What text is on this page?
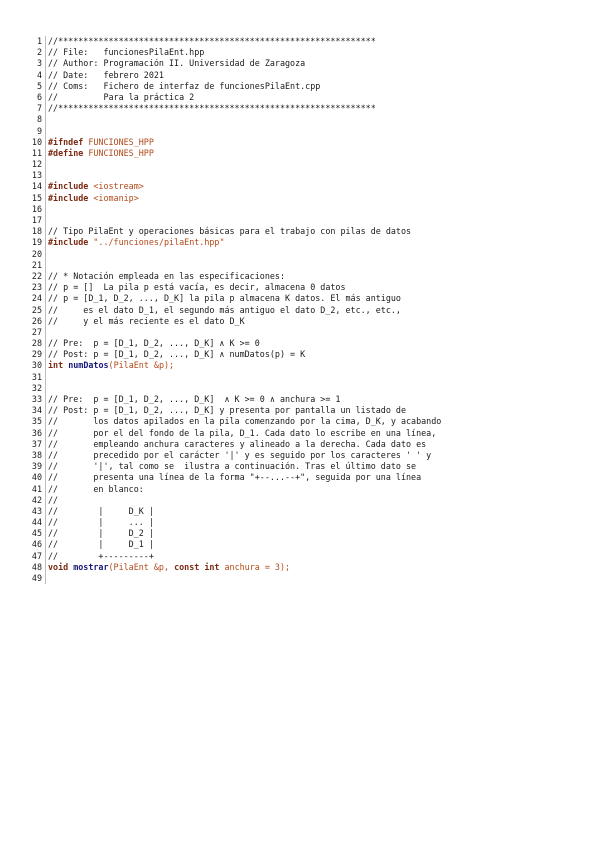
1 //***************************************************************
2 // File:   funcionesPilaEnt.hpp
3 // Author: Programación II. Universidad de Zaragoza
4 // Date:   febrero 2021
5 // Coms:   Fichero de interfaz de funcionesPilaEnt.cpp
6 //         Para la práctica 2
7 //***************************************************************
8
9
10 #ifndef FUNCIONES_HPP
11 #define FUNCIONES_HPP
12
13
14 #include <iostream>
15 #include <iomanip>
16
17
18 // Tipo PilaEnt y operaciones básicas para el trabajo con pilas de datos
19 #include "../funciones/pilaEnt.hpp"
20
21
22 // * Notación empleada en las especificaciones:
23 // p = []  La pila p está vacía, es decir, almacena 0 datos
24 // p = [D_1, D_2, ..., D_K] la pila p almacena K datos. El más antiguo
25 //     es el dato D_1, el segundo más antiguo el dato D_2, etc., etc.,
26 //     y el más reciente es el dato D_K
27
28 // Pre:  p = [D_1, D_2, ..., D_K] ∧ K >= 0
29 // Post: p = [D_1, D_2, ..., D_K] ∧ numDatos(p) = K
30 int numDatos(PilaEnt &p);
31
32
33 // Pre:  p = [D_1, D_2, ..., D_K]  ∧ K >= 0 ∧ anchura >= 1
34 // Post: p = [D_1, D_2, ..., D_K] y presenta por pantalla un listado de
35 //       los datos apilados en la pila comenzando por la cima, D_K, y acabando
36 //       por el del fondo de la pila, D_1. Cada dato lo escribe en una línea,
37 //       empleando anchura caracteres y alineado a la derecha. Cada dato es
38 //       precedido por el carácter '|' y es seguido por los caracteres ' ' y
39 //       '|', tal como se  ilustra a continuación. Tras el último dato se
40 //       presenta una línea de la forma "+--...--+", seguida por una línea
41 //       en blanco:
42 //
43 //        |     D_K |
44 //        |     ... |
45 //        |     D_2 |
46 //        |     D_1 |
47 //        +---------+
48 void mostrar(PilaEnt &p, const int anchura = 3);
49
